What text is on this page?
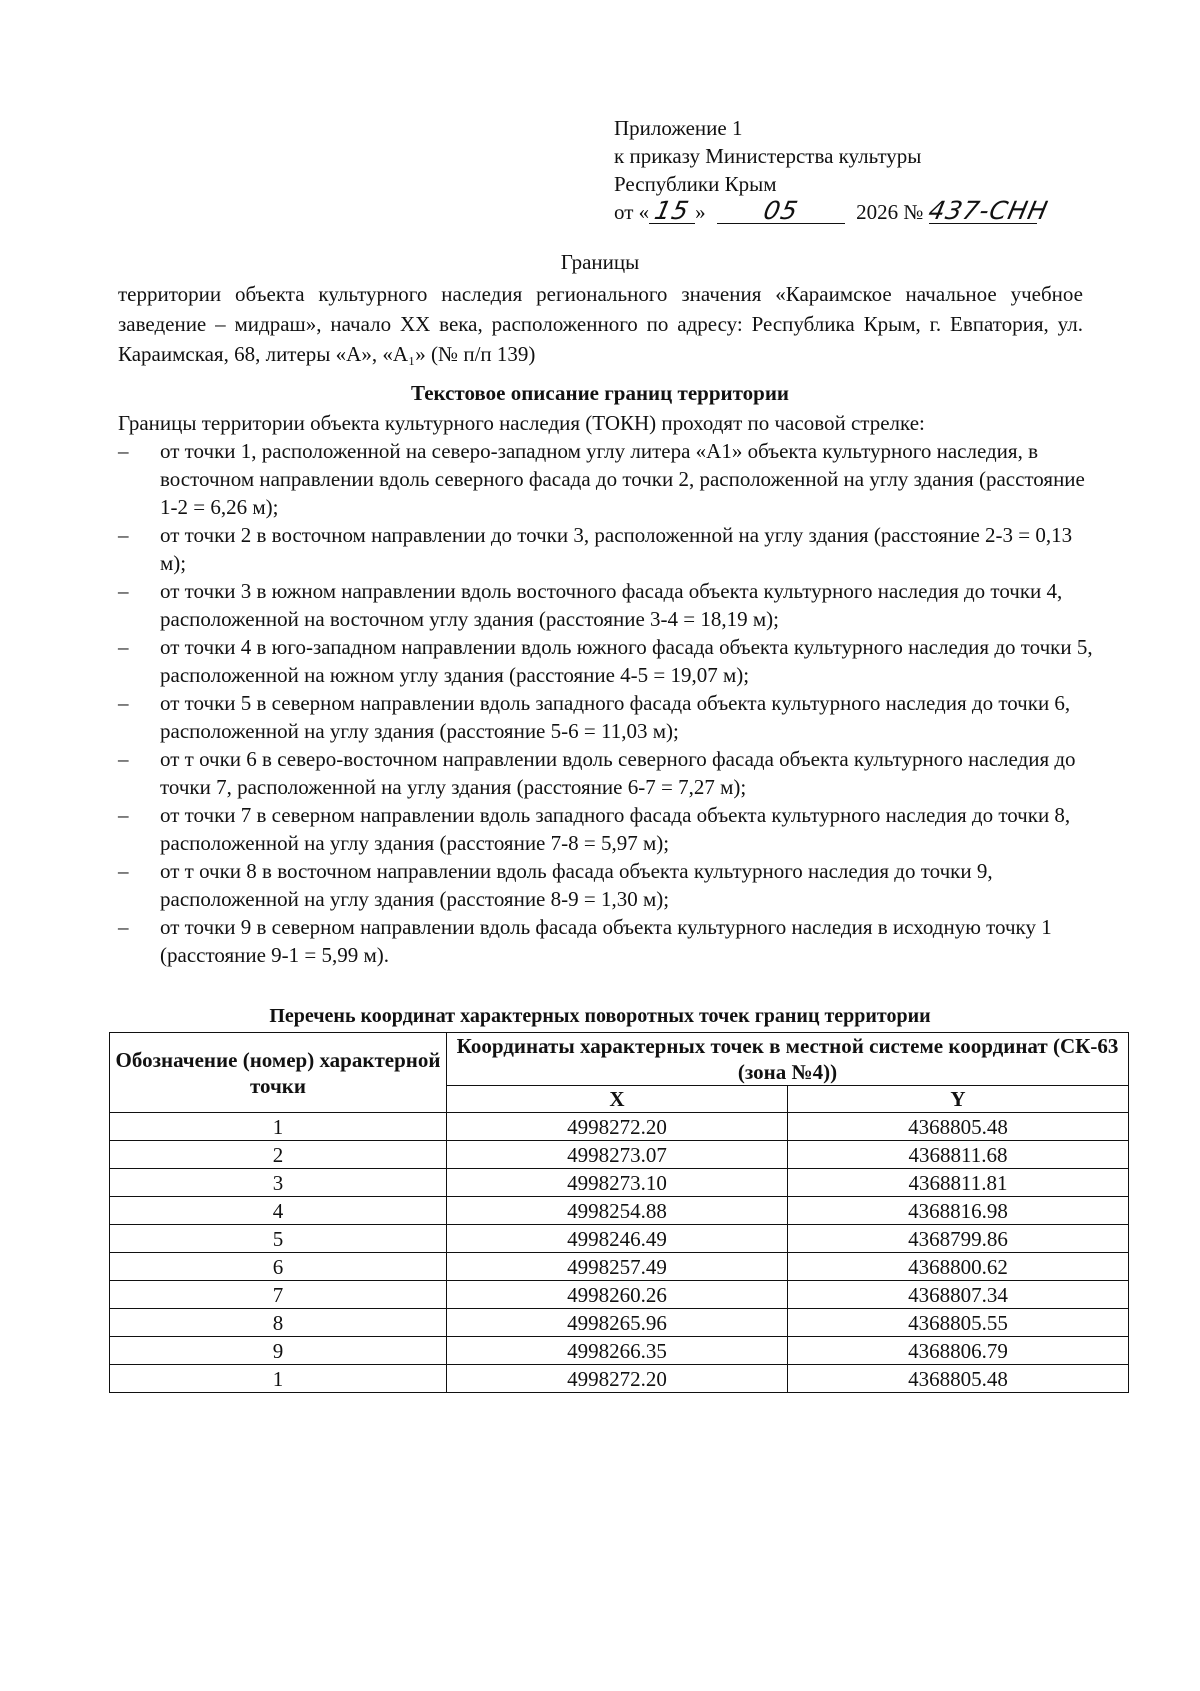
Приложение 1
к приказу Министерства культуры
Республики Крым
от « 15 » 05	2026 № 437-СНН
Границы
территории объекта культурного наследия регионального значения «Караимское начальное учебное заведение – мидраш», начало XX века, расположенного по адресу: Республика Крым, г. Евпатория, ул. Караимская, 68, литеры «А», «А₁» (№ п/п 139)
Текстовое описание границ территории
Границы территории объекта культурного наследия (ТОКН) проходят по часовой стрелке:
– от точки 1, расположенной на северо-западном углу литера «А1» объекта культурного наследия, в восточном направлении вдоль северного фасада до точки 2, расположенной на углу здания (расстояние 1-2 = 6,26 м);
– от точки 2 в восточном направлении до точки 3, расположенной на углу здания (расстояние 2-3 = 0,13 м);
– от точки 3 в южном направлении вдоль восточного фасада объекта культурного наследия до точки 4, расположенной на восточном углу здания (расстояние 3-4 = 18,19 м);
– от точки 4 в юго-западном направлении вдоль южного фасада объекта культурного наследия до точки 5, расположенной на южном углу здания (расстояние 4-5 = 19,07 м);
– от точки 5 в северном направлении вдоль западного фасада объекта культурного наследия до точки 6, расположенной на углу здания (расстояние 5-6 = 11,03 м);
– от т очки 6 в северо-восточном направлении вдоль северного фасада объекта культурного наследия до точки 7, расположенной на углу здания (расстояние 6-7 = 7,27 м);
– от точки 7 в северном направлении вдоль западного фасада объекта культурного наследия до точки 8, расположенной на углу здания (расстояние 7-8 = 5,97 м);
– от т очки 8 в восточном направлении вдоль фасада объекта культурного наследия до точки 9, расположенной на углу здания (расстояние 8-9 = 1,30 м);
– от точки 9 в северном направлении вдоль фасада объекта культурного наследия в исходную точку 1 (расстояние 9-1 = 5,99 м).
Перечень координат характерных поворотных точек границ территории
Обозначение (номер) характерной точки	Координаты характерных точек в местной системе координат (СК-63 (зона №4))	
	X	Y
1	4998272.20	4368805.48
2	4998273.07	4368811.68
3	4998273.10	4368811.81
4	4998254.88	4368816.98
5	4998246.49	4368799.86
6	4998257.49	4368800.62
7	4998260.26	4368807.34
8	4998265.96	4368805.55
9	4998266.35	4368806.79
1	4998272.20	4368805.48
